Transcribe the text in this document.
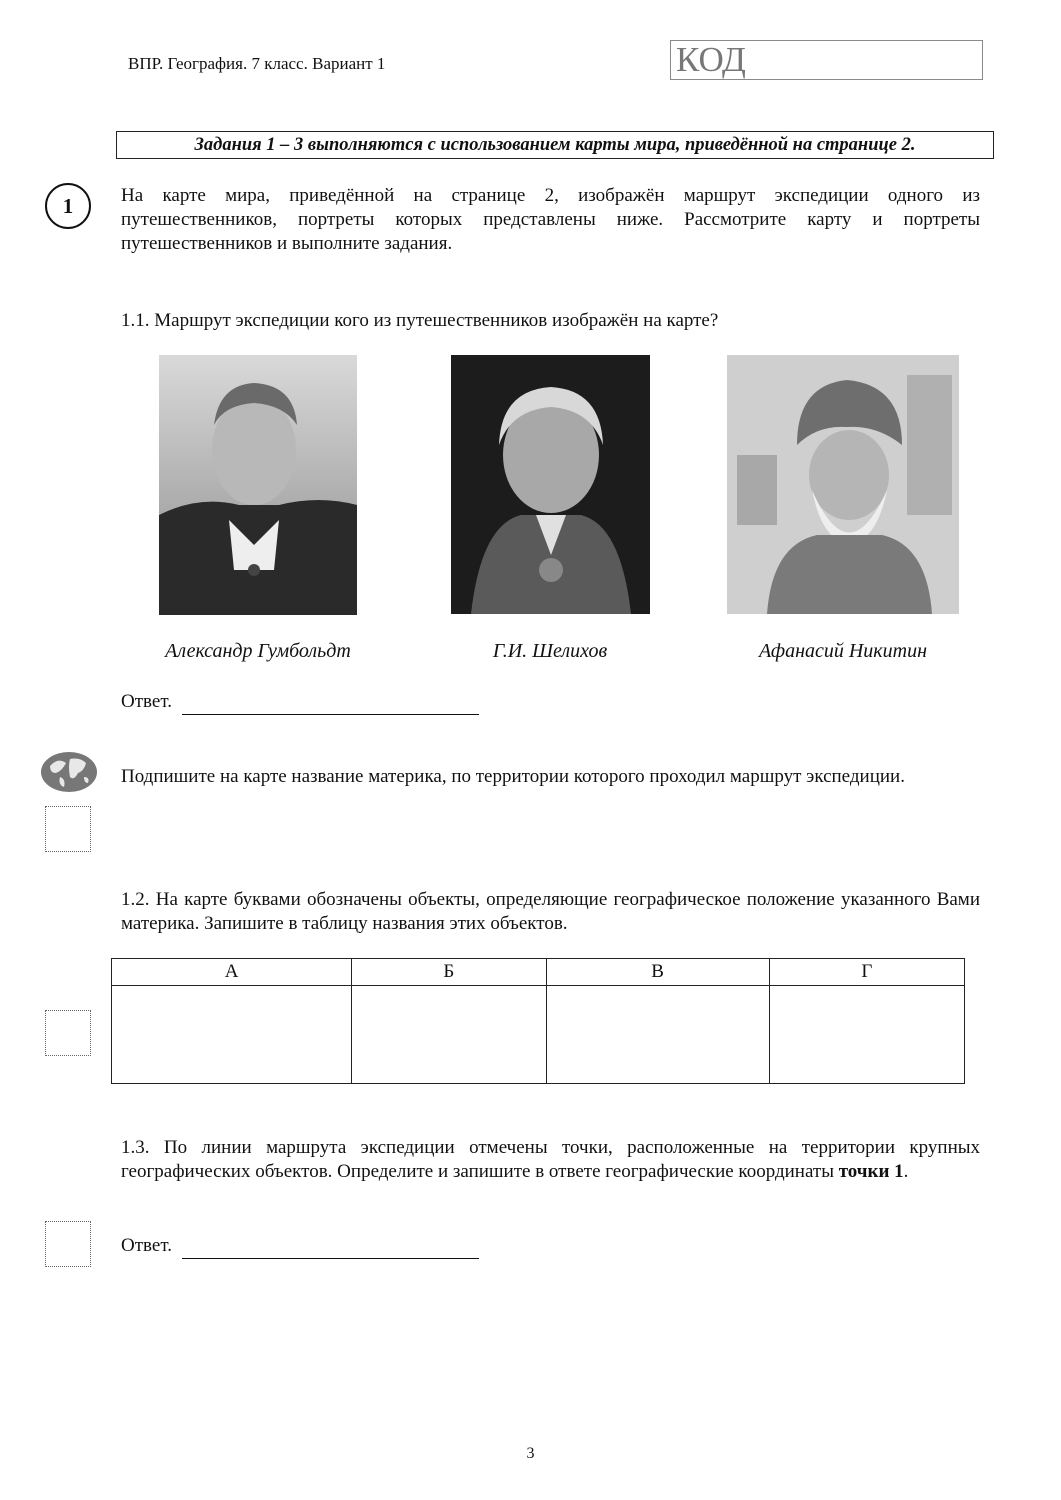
ВПР. География. 7 класс. Вариант 1	КОД
Задания 1 – 3 выполняются с использованием карты мира, приведённой на странице 2.
1	На карте мира, приведённой на странице 2, изображён маршрут экспедиции одного из путешественников, портреты которых представлены ниже. Рассмотрите карту и портреты путешественников и выполните задания.
1.1. Маршрут экспедиции кого из путешественников изображён на карте?
Александр Гумбольдт	Г.И. Шелихов	Афанасий Никитин
Ответ.
Подпишите на карте название материка, по территории которого проходил маршрут экспедиции.
1.2. На карте буквами обозначены объекты, определяющие географическое положение указанного Вами материка. Запишите в таблицу названия этих объектов.
А	Б	В	Г

1.3. По линии маршрута экспедиции отмечены точки, расположенные на территории крупных географических объектов. Определите и запишите в ответе географические координаты точки 1.
Ответ.
3
